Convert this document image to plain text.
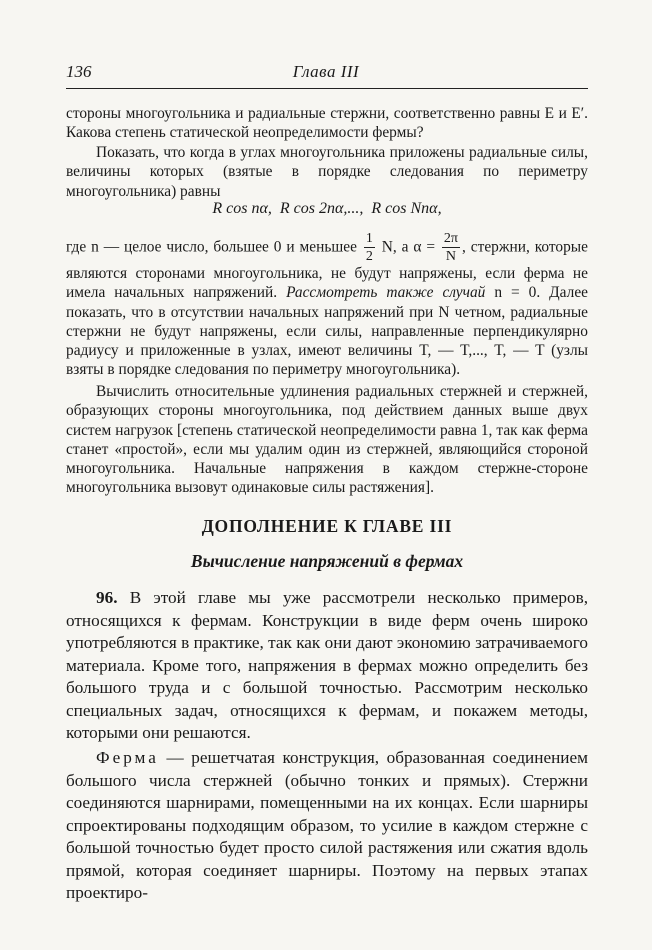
136	Глава III

стороны многоугольника и радиальные стержни, соответственно равны E и E′. Какова степень статической неопределимости фермы?

Показать, что когда в углах многоугольника приложены радиальные силы, величины которых (взятые в порядке следования по периметру многоугольника) равны

R cos nα,  R cos 2nα,...,  R cos Nnα,

где n — целое число, большее 0 и меньшее $\frac{1}{2} N$, а $\alpha = \frac{2\pi}{N}$ , стержни, которые являются сторонами многоугольника, не будут напряжены, если ферма не имела начальных напряжений. Рассмотреть также случай n = 0. Далее показать, что в отсутствии начальных напряжений при N четном, радиальные стержни не будут напряжены, если силы, направленные перпендикулярно радиусу и приложенные в узлах, имеют величины T, — T,..., T, — T (узлы взяты в порядке следования по периметру многоугольника).

Вычислить относительные удлинения радиальных стержней и стержней, образующих стороны многоугольника, под действием данных выше двух систем нагрузок [степень статической неопределимости равна 1, так как ферма станет «простой», если мы удалим один из стержней, являющийся стороной многоугольника. Начальные напряжения в каждом стержне-стороне многоугольника вызовут одинаковые силы растяжения].

ДОПОЛНЕНИЕ К ГЛАВЕ III
Вычисление напряжений в фермах

96. В этой главе мы уже рассмотрели несколько примеров, относящихся к фермам. Конструкции в виде ферм очень широко употребляются в практике, так как они дают экономию затрачиваемого материала. Кроме того, напряжения в фермах можно определить без большого труда и с большой точностью. Рассмотрим несколько специальных задач, относящихся к фермам, и покажем методы, которыми они решаются.

Ферма — решетчатая конструкция, образованная соединением большого числа стержней (обычно тонких и прямых). Стержни соединяются шарнирами, помещенными на их концах. Если шарниры спроектированы подходящим образом, то усилие в каждом стержне с большой точностью будет просто силой растяжения или сжатия вдоль прямой, которая соединяет шарниры. Поэтому на первых этапах проектиро-
